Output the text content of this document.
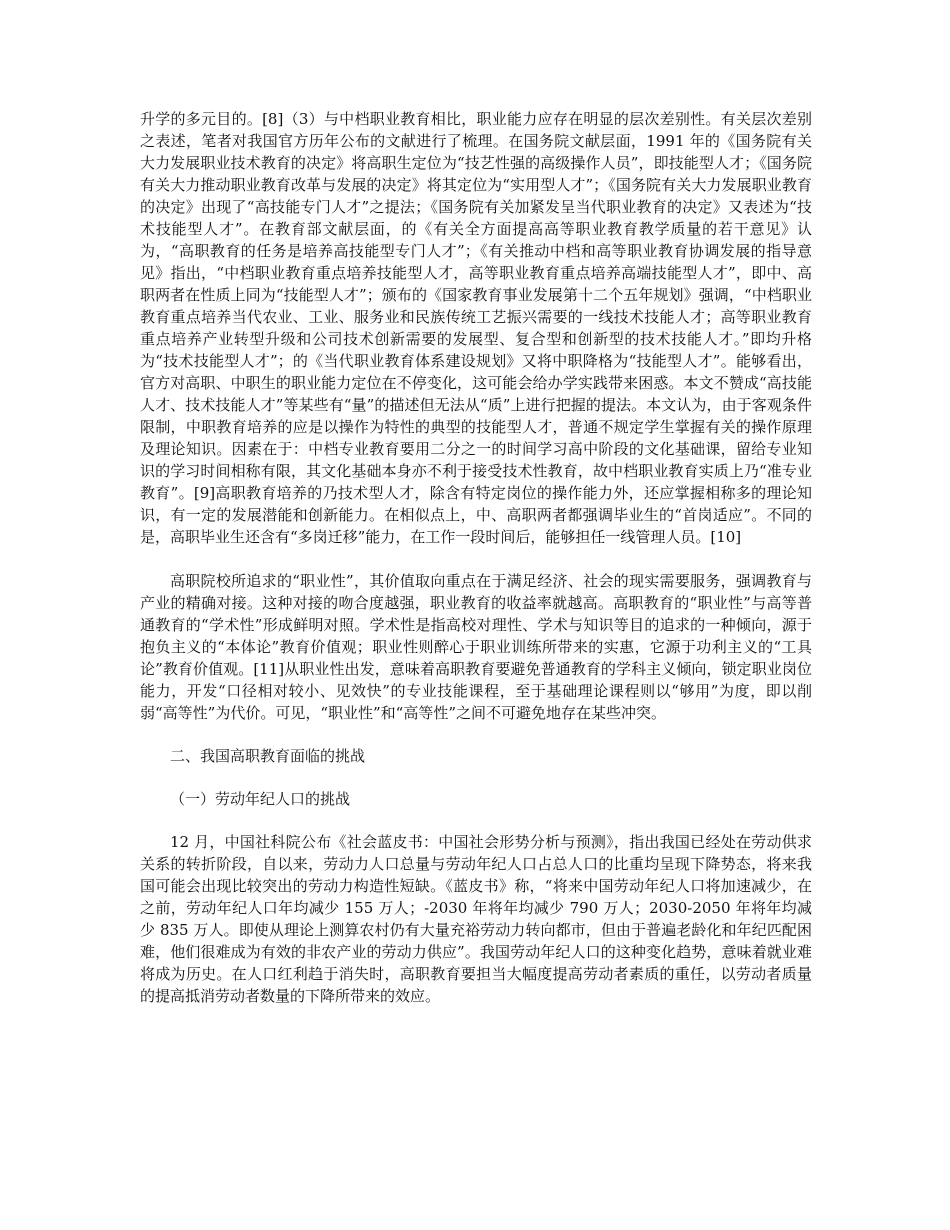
升学的多元目的。[8]（3）与中档职业教育相比，职业能力应存在明显的层次差别性。有关层次差别之表述，笔者对我国官方历年公布的文献进行了梳理。在国务院文献层面，1991 年的《国务院有关大力发展职业技术教育的决定》将高职生定位为“技艺性强的高级操作人员”，即技能型人才；《国务院有关大力推动职业教育改革与发展的决定》将其定位为“实用型人才”；《国务院有关大力发展职业教育的决定》出现了“高技能专门人才”之提法；《国务院有关加紧发呈当代职业教育的决定》又表述为“技术技能型人才”。在教育部文献层面，的《有关全方面提高高等职业教育教学质量的若干意见》认为，“高职教育的任务是培养高技能型专门人才”；《有关推动中档和高等职业教育协调发展的指导意见》指出，“中档职业教育重点培养技能型人才，高等职业教育重点培养高端技能型人才”，即中、高职两者在性质上同为“技能型人才”；颁布的《国家教育事业发展第十二个五年规划》强调，“中档职业教育重点培养当代农业、工业、服务业和民族传统工艺振兴需要的一线技术技能人才；高等职业教育重点培养产业转型升级和公司技术创新需要的发展型、复合型和创新型的技术技能人才。”即均升格为“技术技能型人才”；的《当代职业教育体系建设规划》又将中职降格为“技能型人才”。能够看出，官方对高职、中职生的职业能力定位在不停变化，这可能会给办学实践带来困惑。本文不赞成“高技能人才、技术技能人才”等某些有“量”的描述但无法从“质”上进行把握的提法。本文认为，由于客观条件限制，中职教育培养的应是以操作为特性的典型的技能型人才，普通不规定学生掌握有关的操作原理及理论知识。因素在于：中档专业教育要用二分之一的时间学习高中阶段的文化基础课，留给专业知识的学习时间相称有限，其文化基础本身亦不利于接受技术性教育，故中档职业教育实质上乃“准专业教育”。[9]高职教育培养的乃技术型人才，除含有特定岗位的操作能力外，还应掌握相称多的理论知识，有一定的发展潜能和创新能力。在相似点上，中、高职两者都强调毕业生的“首岗适应”。不同的是，高职毕业生还含有“多岗迁移”能力，在工作一段时间后，能够担任一线管理人员。[10]

高职院校所追求的“职业性”，其价值取向重点在于满足经济、社会的现实需要服务，强调教育与产业的精确对接。这种对接的吻合度越强，职业教育的收益率就越高。高职教育的“职业性”与高等普通教育的“学术性”形成鲜明对照。学术性是指高校对理性、学术与知识等目的追求的一种倾向，源于抱负主义的“本体论”教育价值观；职业性则醉心于职业训练所带来的实惠，它源于功利主义的“工具论”教育价值观。[11]从职业性出发，意味着高职教育要避免普通教育的学科主义倾向，锁定职业岗位能力，开发“口径相对较小、见效快”的专业技能课程，至于基础理论课程则以“够用”为度，即以削弱“高等性”为代价。可见，“职业性”和“高等性”之间不可避免地存在某些冲突。

二、我国高职教育面临的挑战

（一）劳动年纪人口的挑战

12 月，中国社科院公布《社会蓝皮书：中国社会形势分析与预测》，指出我国已经处在劳动供求关系的转折阶段，自以来，劳动力人口总量与劳动年纪人口占总人口的比重均呈现下降势态，将来我国可能会出现比较突出的劳动力构造性短缺。《蓝皮书》称，“将来中国劳动年纪人口将加速减少，在之前，劳动年纪人口年均减少 155 万人；-2030 年将年均减少 790 万人；2030-2050 年将年均减少 835 万人。即使从理论上测算农村仍有大量充裕劳动力转向都市，但由于普遍老龄化和年纪匹配困难，他们很难成为有效的非农产业的劳动力供应”。我国劳动年纪人口的这种变化趋势，意味着就业难将成为历史。在人口红利趋于消失时，高职教育要担当大幅度提高劳动者素质的重任，以劳动者质量的提高抵消劳动者数量的下降所带来的效应。
